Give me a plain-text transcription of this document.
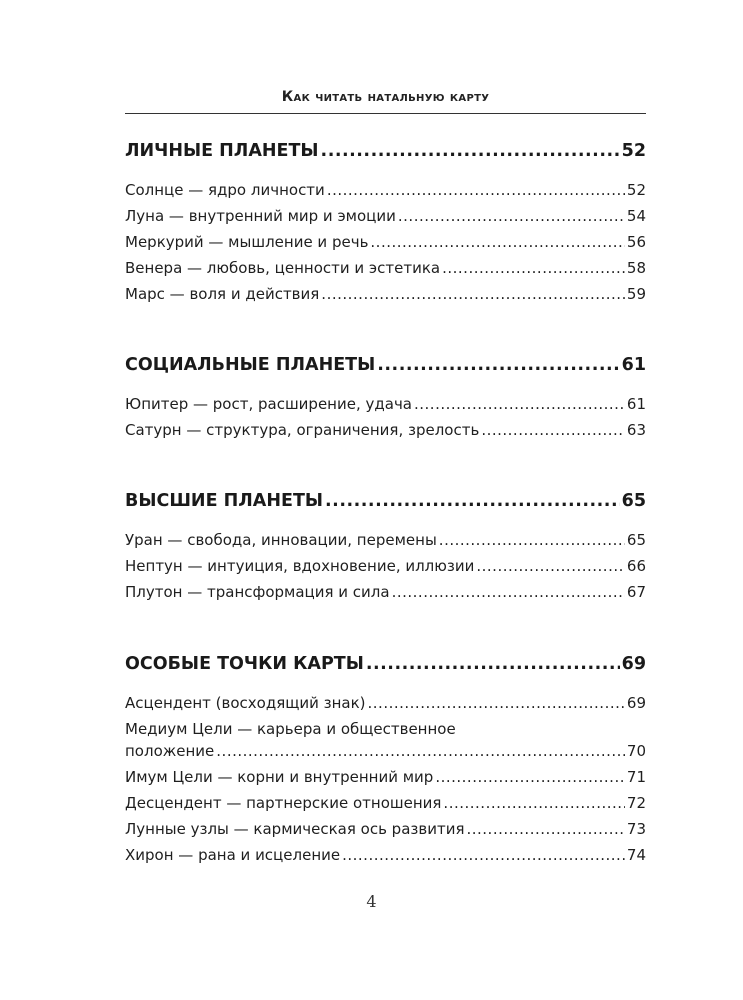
Как читать натальную карту
ЛИЧНЫЕ ПЛАНЕТЫ .....	52
Солнце — ядро личности .....	52
Луна — внутренний мир и эмоции .....	54
Меркурий — мышление и речь .....	56
Венера — любовь, ценности и эстетика .....	58
Марс — воля и действия .....	59
СОЦИАЛЬНЫЕ ПЛАНЕТЫ .....	61
Юпитер — рост, расширение, удача .....	61
Сатурн — структура, ограничения, зрелость .....	63
ВЫСШИЕ ПЛАНЕТЫ .....	65
Уран — свобода, инновации, перемены .....	65
Нептун — интуиция, вдохновение, иллюзии .....	66
Плутон — трансформация и сила .....	67
ОСОБЫЕ ТОЧКИ КАРТЫ .....	69
Асцендент (восходящий знак) .....	69
Медиум Цели — карьера и общественное
положение .....	70
Имум Цели — корни и внутренний мир .....	71
Десцендент — партнерские отношения .....	72
Лунные узлы — кармическая ось развития .....	73
Хирон — рана и исцеление .....	74
4
